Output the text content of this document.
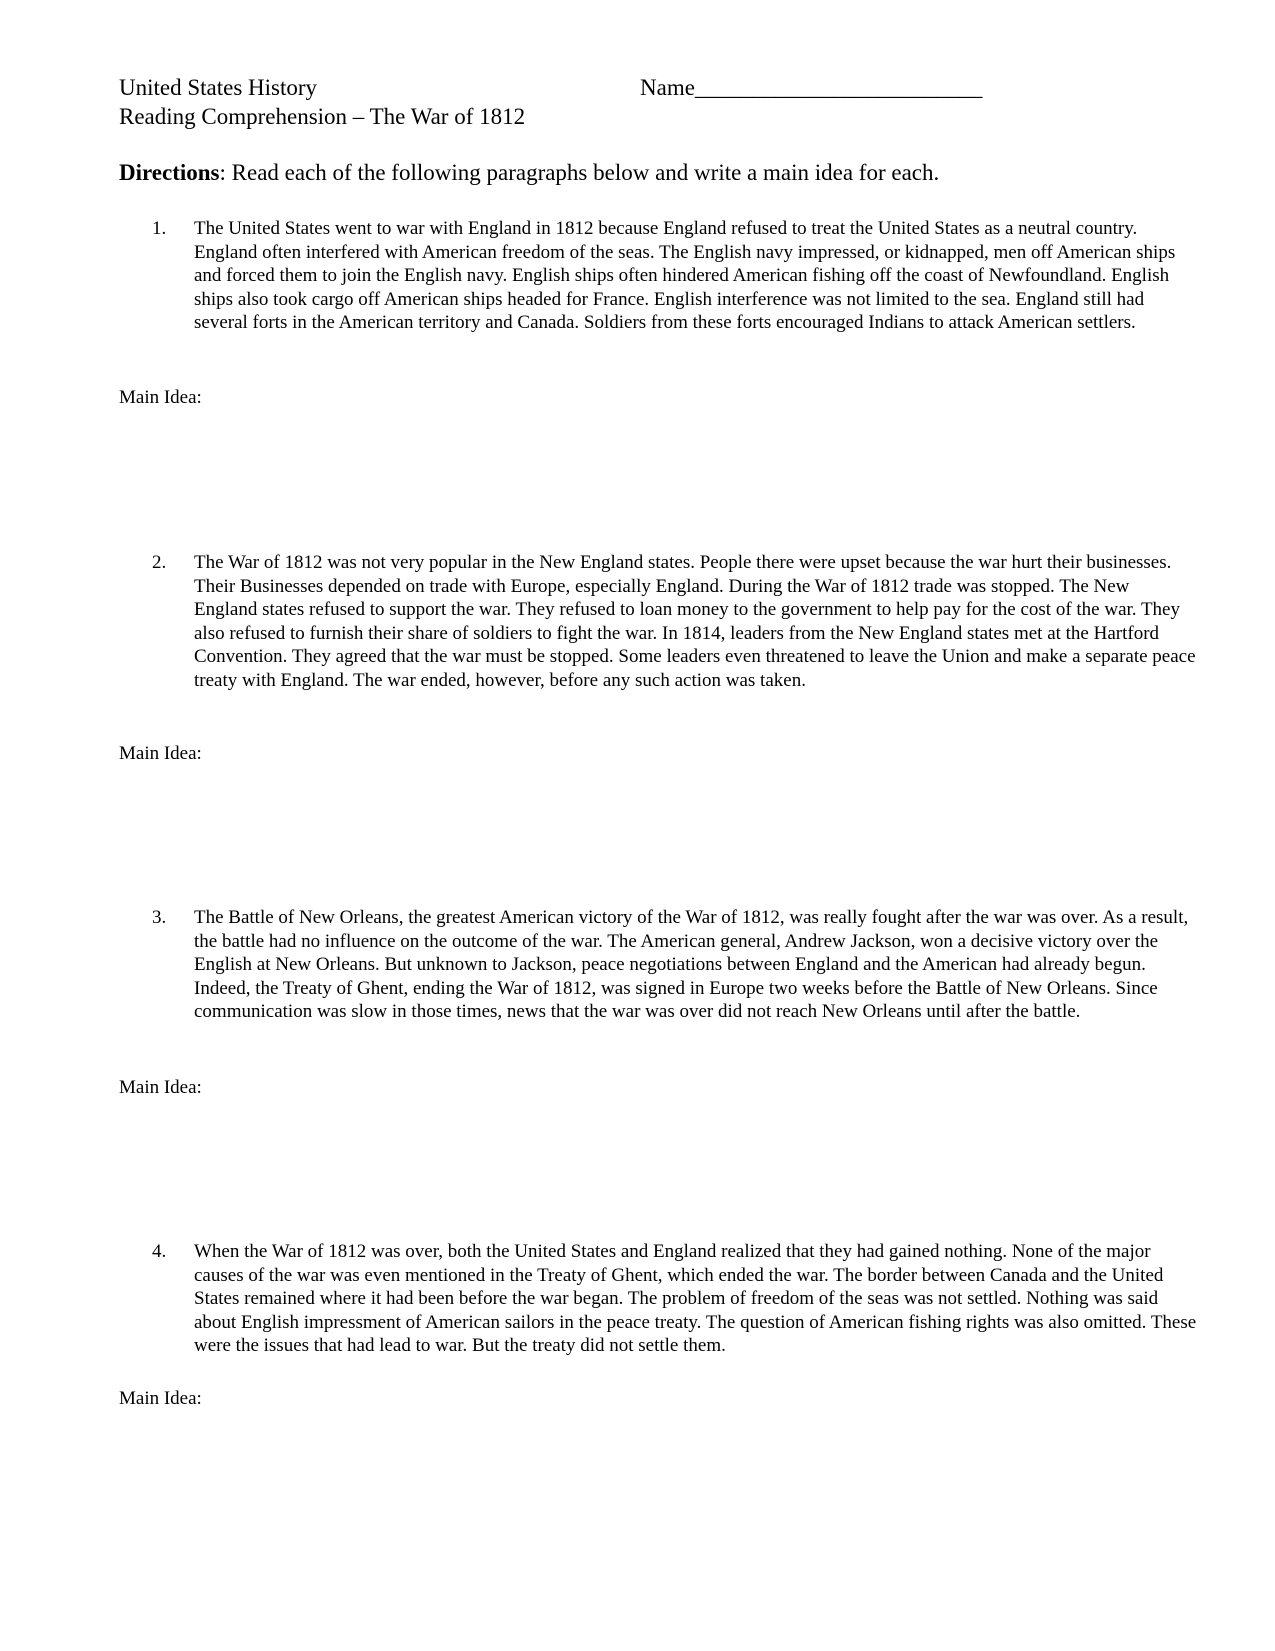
United States History
Reading Comprehension – The War of 1812
Name_________________________
Directions: Read each of the following paragraphs below and write a main idea for each.
1. The United States went to war with England in 1812 because England refused to treat the United States as a neutral country. England often interfered with American freedom of the seas. The English navy impressed, or kidnapped, men off American ships and forced them to join the English navy. English ships often hindered American fishing off the coast of Newfoundland. English ships also took cargo off American ships headed for France. English interference was not limited to the sea. England still had several forts in the American territory and Canada. Soldiers from these forts encouraged Indians to attack American settlers.
Main Idea:
2. The War of 1812 was not very popular in the New England states. People there were upset because the war hurt their businesses. Their Businesses depended on trade with Europe, especially England. During the War of 1812 trade was stopped. The New England states refused to support the war. They refused to loan money to the government to help pay for the cost of the war. They also refused to furnish their share of soldiers to fight the war. In 1814, leaders from the New England states met at the Hartford Convention. They agreed that the war must be stopped. Some leaders even threatened to leave the Union and make a separate peace treaty with England. The war ended, however, before any such action was taken.
Main Idea:
3. The Battle of New Orleans, the greatest American victory of the War of 1812, was really fought after the war was over. As a result, the battle had no influence on the outcome of the war. The American general, Andrew Jackson, won a decisive victory over the English at New Orleans. But unknown to Jackson, peace negotiations between England and the American had already begun. Indeed, the Treaty of Ghent, ending the War of 1812, was signed in Europe two weeks before the Battle of New Orleans. Since communication was slow in those times, news that the war was over did not reach New Orleans until after the battle.
Main Idea:
4. When the War of 1812 was over, both the United States and England realized that they had gained nothing. None of the major causes of the war was even mentioned in the Treaty of Ghent, which ended the war. The border between Canada and the United States remained where it had been before the war began. The problem of freedom of the seas was not settled. Nothing was said about English impressment of American sailors in the peace treaty. The question of American fishing rights was also omitted. These were the issues that had lead to war. But the treaty did not settle them.
Main Idea:
